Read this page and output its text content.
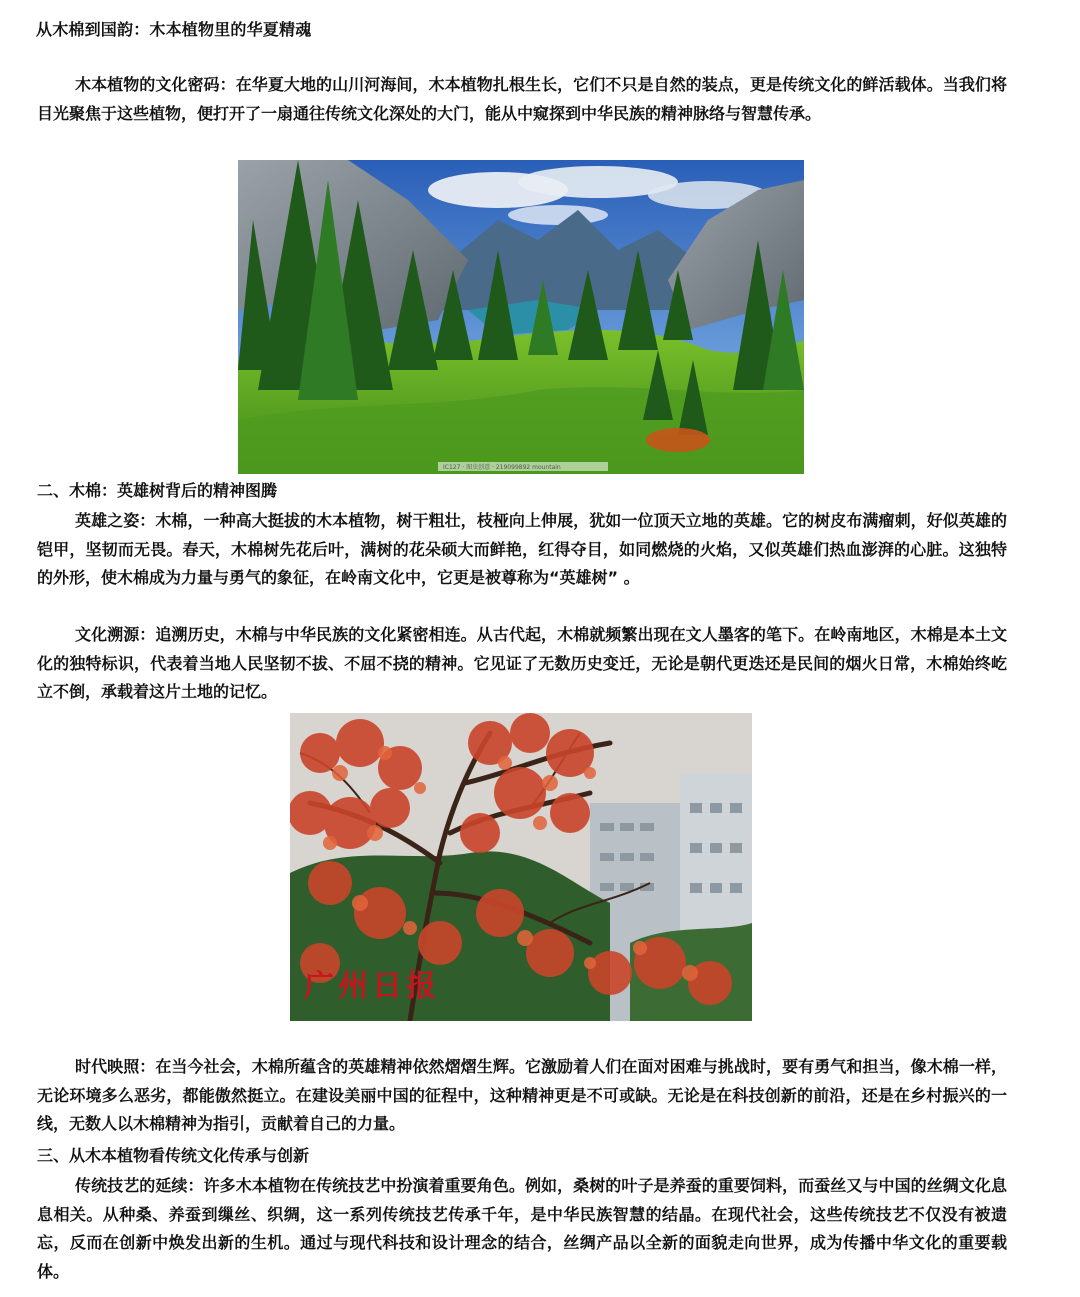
从木棉到国韵：木本植物里的华夏精魂
木本植物的文化密码：在华夏大地的山川河海间，木本植物扎根生长，它们不只是自然的装点，更是传统文化的鲜活载体。当我们将目光聚焦于这些植物，便打开了一扇通往传统文化深处的大门，能从中窥探到中华民族的精神脉络与智慧传承。
IC127 · 图虫创意 · 219099892 mountain
二、木棉：英雄树背后的精神图腾
英雄之姿：木棉，一种高大挺拔的木本植物，树干粗壮，枝桠向上伸展，犹如一位顶天立地的英雄。它的树皮布满瘤刺，好似英雄的铠甲，坚韧而无畏。春天，木棉树先花后叶，满树的花朵硕大而鲜艳，红得夺目，如同燃烧的火焰，又似英雄们热血澎湃的心脏。这独特的外形，使木棉成为力量与勇气的象征，在岭南文化中，它更是被尊称为“英雄树” 。
文化溯源：追溯历史，木棉与中华民族的文化紧密相连。从古代起，木棉就频繁出现在文人墨客的笔下。在岭南地区，木棉是本土文化的独特标识，代表着当地人民坚韧不拔、不屈不挠的精神。它见证了无数历史变迁，无论是朝代更迭还是民间的烟火日常，木棉始终屹立不倒，承载着这片土地的记忆。
广州日报
时代映照：在当今社会，木棉所蕴含的英雄精神依然熠熠生辉。它激励着人们在面对困难与挑战时，要有勇气和担当，像木棉一样，无论环境多么恶劣，都能傲然挺立。在建设美丽中国的征程中，这种精神更是不可或缺。无论是在科技创新的前沿，还是在乡村振兴的一线，无数人以木棉精神为指引，贡献着自己的力量。
三、从木本植物看传统文化传承与创新
传统技艺的延续：许多木本植物在传统技艺中扮演着重要角色。例如，桑树的叶子是养蚕的重要饲料，而蚕丝又与中国的丝绸文化息息相关。从种桑、养蚕到缫丝、织绸，这一系列传统技艺传承千年，是中华民族智慧的结晶。在现代社会，这些传统技艺不仅没有被遗忘，反而在创新中焕发出新的生机。通过与现代科技和设计理念的结合，丝绸产品以全新的面貌走向世界，成为传播中华文化的重要载体。
